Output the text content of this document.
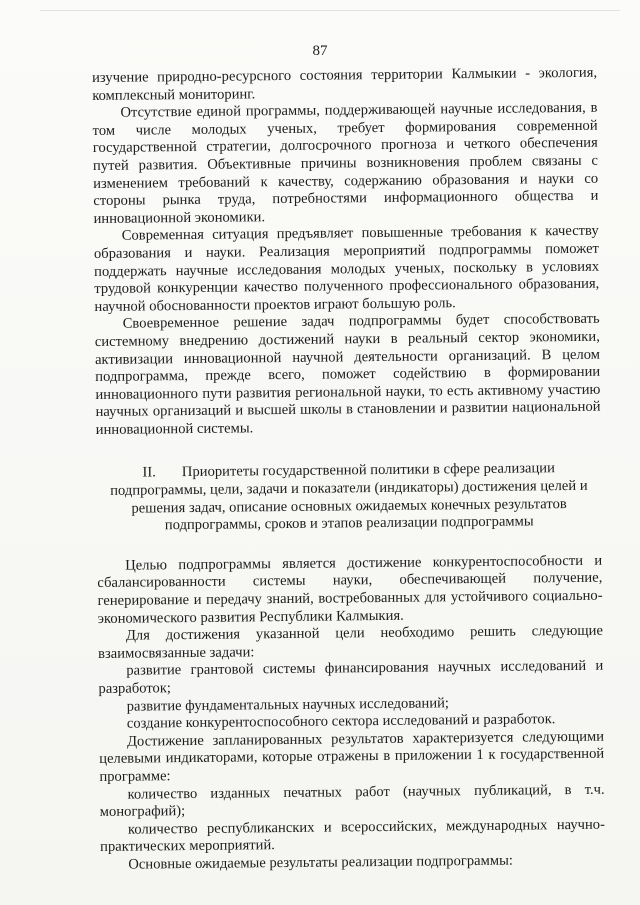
87

изучение природно-ресурсного состояния территории Калмыкии - экология, комплексный мониторинг.

Отсутствие единой программы, поддерживающей научные исследования, в том числе молодых ученых, требует формирования современной государственной стратегии, долгосрочного прогноза и четкого обеспечения путей развития. Объективные причины возникновения проблем связаны с изменением требований к качеству, содержанию образования и науки со стороны рынка труда, потребностями информационного общества и инновационной экономики.

Современная ситуация предъявляет повышенные требования к качеству образования и науки. Реализация мероприятий подпрограммы поможет поддержать научные исследования молодых ученых, поскольку в условиях трудовой конкуренции качество полученного профессионального образования, научной обоснованности проектов играют большую роль.

Своевременное решение задач подпрограммы будет способствовать системному внедрению достижений науки в реальный сектор экономики, активизации инновационной научной деятельности организаций. В целом подпрограмма, прежде всего, поможет содействию в формировании инновационного пути развития региональной науки, то есть активному участию научных организаций и высшей школы в становлении и развитии национальной инновационной системы.

II. Приоритеты государственной политики в сфере реализации подпрограммы, цели, задачи и показатели (индикаторы) достижения целей и решения задач, описание основных ожидаемых конечных результатов подпрограммы, сроков и этапов реализации подпрограммы

Целью подпрограммы является достижение конкурентоспособности и сбалансированности системы науки, обеспечивающей получение, генерирование и передачу знаний, востребованных для устойчивого социально-экономического развития Республики Калмыкия.

Для достижения указанной цели необходимо решить следующие взаимосвязанные задачи:

развитие грантовой системы финансирования научных исследований и разработок;

развитие фундаментальных научных исследований;

создание конкурентоспособного сектора исследований и разработок.

Достижение запланированных результатов характеризуется следующими целевыми индикаторами, которые отражены в приложении 1 к государственной программе:

количество изданных печатных работ (научных публикаций, в т.ч. монографий);

количество республиканских и всероссийских, международных научно-практических мероприятий.

Основные ожидаемые результаты реализации подпрограммы:
